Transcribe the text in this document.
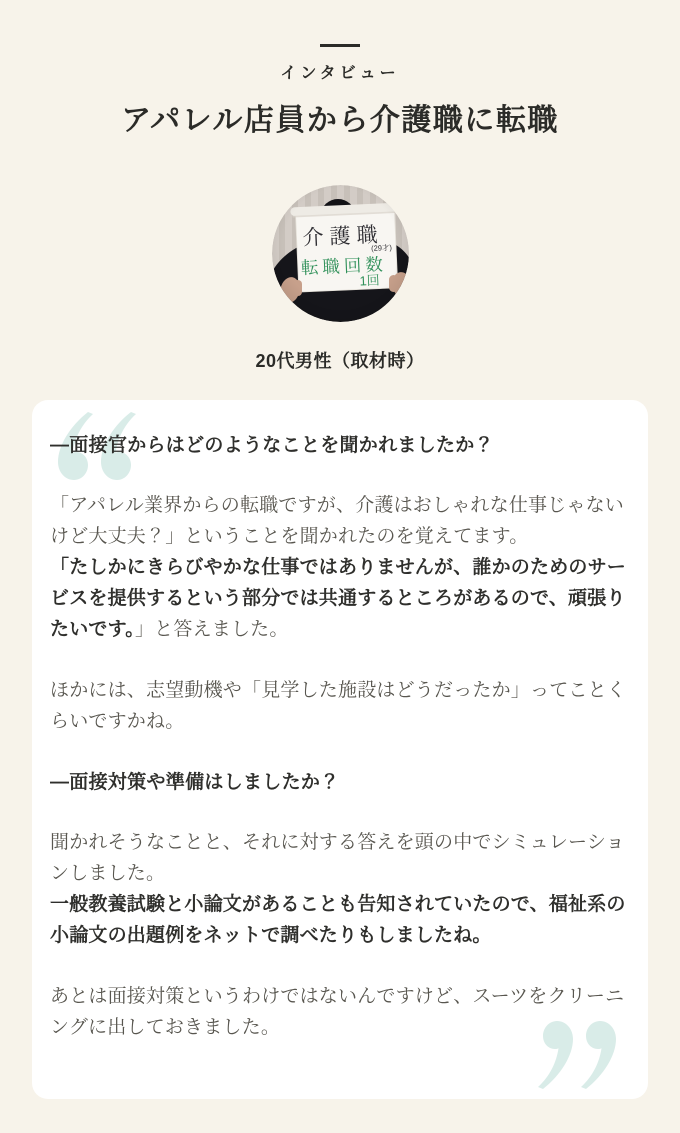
インタビュー
アパレル店員から介護職に転職
20代男性（取材時）

―面接官からはどのようなことを聞かれましたか？

「アパレル業界からの転職ですが、介護はおしゃれな仕事じゃないけど大丈夫？」ということを聞かれたのを覚えてます。

「たしかにきらびやかな仕事ではありませんが、誰かのためのサービスを提供するという部分では共通するところがあるので、頑張りたいです。」と答えました。

ほかには、志望動機や「見学した施設はどうだったか」ってことくらいですかね。

―面接対策や準備はしましたか？

聞かれそうなことと、それに対する答えを頭の中でシミュレーションしました。

一般教養試験と小論文があることも告知されていたので、福祉系の小論文の出題例をネットで調べたりもしましたね。

あとは面接対策というわけではないんですけど、スーツをクリーニングに出しておきました。
